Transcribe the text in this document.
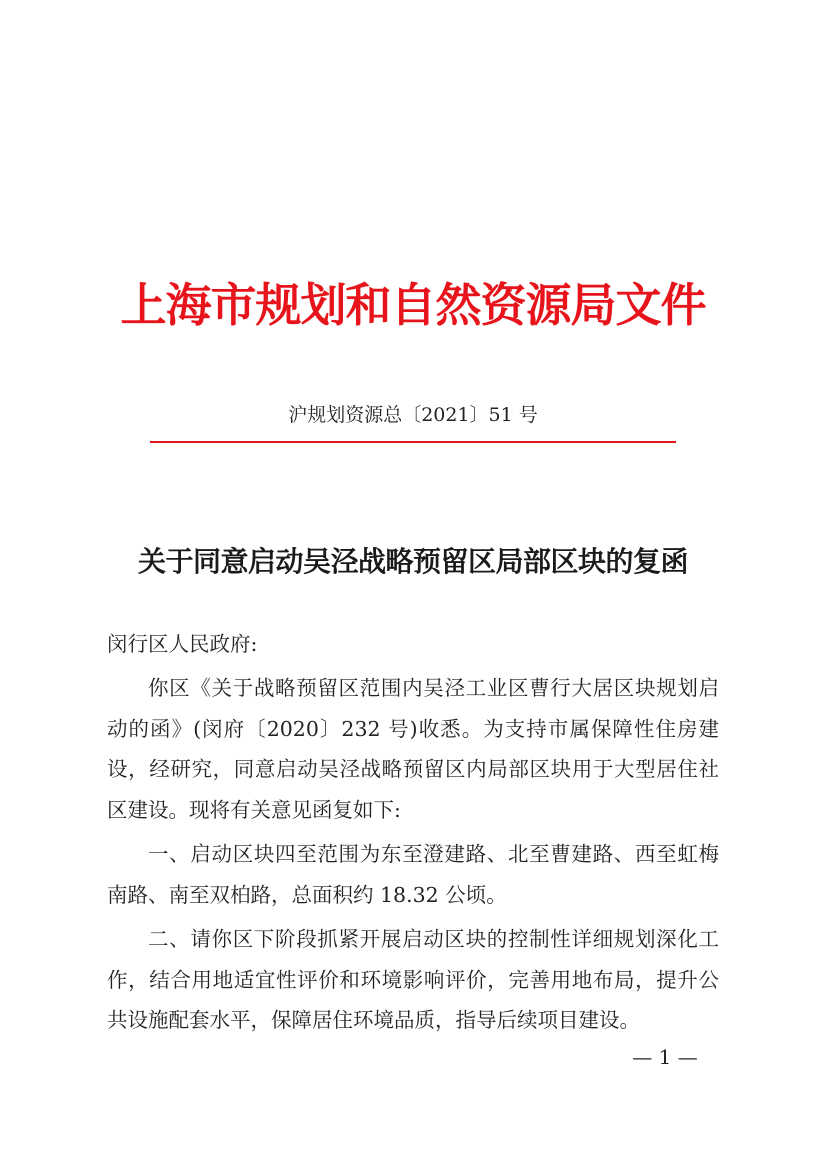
上海市规划和自然资源局文件
沪规划资源总〔2021〕51 号
关于同意启动吴泾战略预留区局部区块的复函
闵行区人民政府:

你区《关于战略预留区范围内吴泾工业区曹行大居区块规划启动的函》(闵府〔2020〕232 号)收悉。为支持市属保障性住房建设，经研究，同意启动吴泾战略预留区内局部区块用于大型居住社区建设。现将有关意见函复如下:

一、启动区块四至范围为东至澄建路、北至曹建路、西至虹梅南路、南至双柏路，总面积约 18.32 公顷。

二、请你区下阶段抓紧开展启动区块的控制性详细规划深化工作，结合用地适宜性评价和环境影响评价，完善用地布局，提升公共设施配套水平，保障居住环境品质，指导后续项目建设。

— 1 —
